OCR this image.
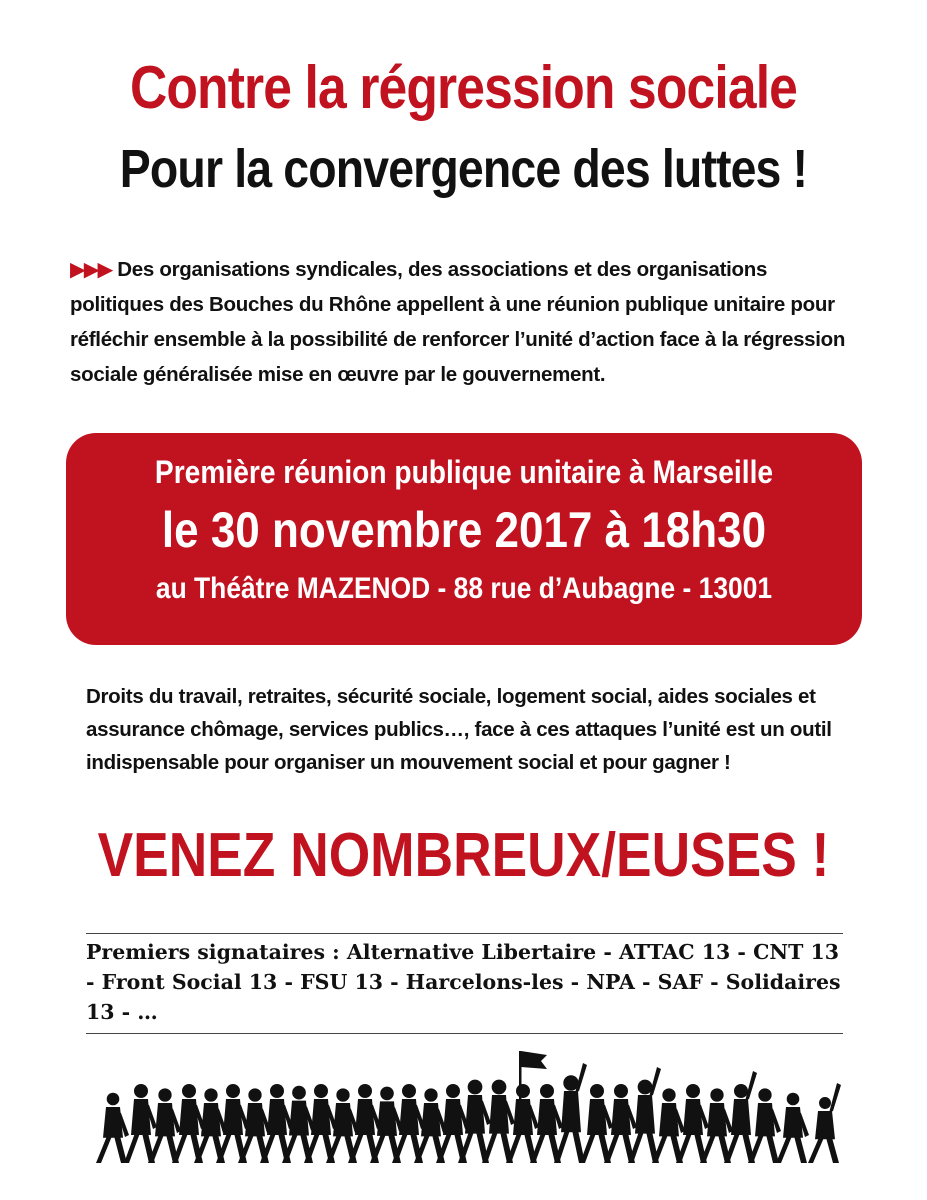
Contre la régression sociale
Pour la convergence des luttes !
▶▶▶ Des organisations syndicales, des associations et des organisations politiques des Bouches du Rhône appellent à une réunion publique unitaire pour réfléchir ensemble à la possibilité de renforcer l’unité d’action face à la régression sociale généralisée mise en œuvre par le gouvernement.
Première réunion publique unitaire à Marseille
le 30 novembre 2017 à 18h30
au Théâtre MAZENOD - 88 rue d’Aubagne - 13001
Droits du travail, retraites, sécurité sociale, logement social, aides sociales et assurance chômage, services publics…, face à ces attaques l’unité est un outil indispensable pour organiser un mouvement social et pour gagner !
VENEZ NOMBREUX/EUSES !
Premiers signataires : Alternative Libertaire - ATTAC 13 - CNT 13 - Front Social 13 - FSU 13 - Harcelons-les - NPA - SAF - Solidaires 13 - …
